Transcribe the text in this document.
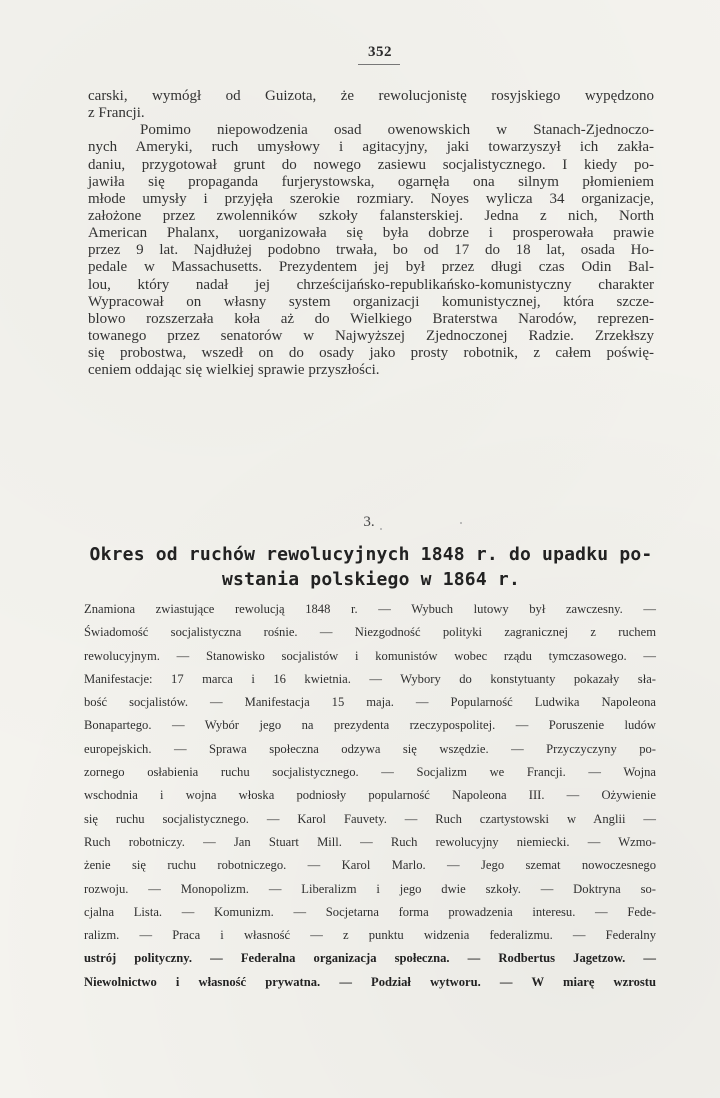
352
carski, wymógł od Guizota, że rewolucjonistę rosyjskiego wypędzono
z Francji.
Pomimo niepowodzenia osad owenowskich w Stanach-Zjednoczo-
nych Ameryki, ruch umysłowy i agitacyjny, jaki towarzyszył ich zakła-
daniu, przygotował grunt do nowego zasiewu socjalistycznego. I kiedy po-
jawiła się propaganda furjerystowska, ogarnęła ona silnym płomieniem
młode umysły i przyjęła szerokie rozmiary. Noyes wylicza 34 organizacje,
założone przez zwolenników szkoły falansterskiej. Jedna z nich, North
American Phalanx, uorganizowała się była dobrze i prosperowała prawie
przez 9 lat. Najdłużej podobno trwała, bo od 17 do 18 lat, osada Ho-
pedale w Massachusetts. Prezydentem jej był przez długi czas Odin Bal-
lou, który nadał jej chrześcijańsko-republikańsko-komunistyczny charakter
Wypracował on własny system organizacji komunistycznej, która szcze-
blowo rozszerzała koła aż do Wielkiego Braterstwa Narodów, reprezen-
towanego przez senatorów w Najwyższej Zjednoczonej Radzie. Zrzekłszy
się probostwa, wszedł on do osady jako prosty robotnik, z całem poświę-
ceniem oddając się wielkiej sprawie przyszłości.
3.
Okres od ruchów rewolucyjnych 1848 r. do upadku po-
wstania polskiego w 1864 r.
Znamiona zwiastujące rewolucją 1848 r. — Wybuch lutowy był zawczesny. —
Świadomość socjalistyczna rośnie. — Niezgodność polityki zagranicznej z ruchem
rewolucyjnym. — Stanowisko socjalistów i komunistów wobec rządu tymczasowego. —
Manifestacje: 17 marca i 16 kwietnia. — Wybory do konstytuanty pokazały sła-
bość socjalistów. — Manifestacja 15 maja. — Popularność Ludwika Napoleona
Bonapartego. — Wybór jego na prezydenta rzeczypospolitej. — Poruszenie ludów
europejskich. — Sprawa społeczna odzywa się wszędzie. — Przyczyczyny po-
zornego osłabienia ruchu socjalistycznego. — Socjalizm we Francji. — Wojna
wschodnia i wojna włoska podniosły popularność Napoleona III. — Ożywienie
się ruchu socjalistycznego. — Karol Fauvety. — Ruch czartystowski w Anglii —
Ruch robotniczy. — Jan Stuart Mill. — Ruch rewolucyjny niemiecki. — Wzmo-
żenie się ruchu robotniczego. — Karol Marlo. — Jego szemat nowoczesnego
rozwoju. — Monopolizm. — Liberalizm i jego dwie szkoły. — Doktryna so-
cjalna Lista. — Komunizm. — Socjetarna forma prowadzenia interesu. — Fede-
ralizm. — Praca i własność — z punktu widzenia federalizmu. — Federalny
ustrój polityczny. — Federalna organizacja społeczna. — Rodbertus Jagetzow. —
Niewolnictwo i własność prywatna. — Podział wytworu. — W miarę wzrostu
